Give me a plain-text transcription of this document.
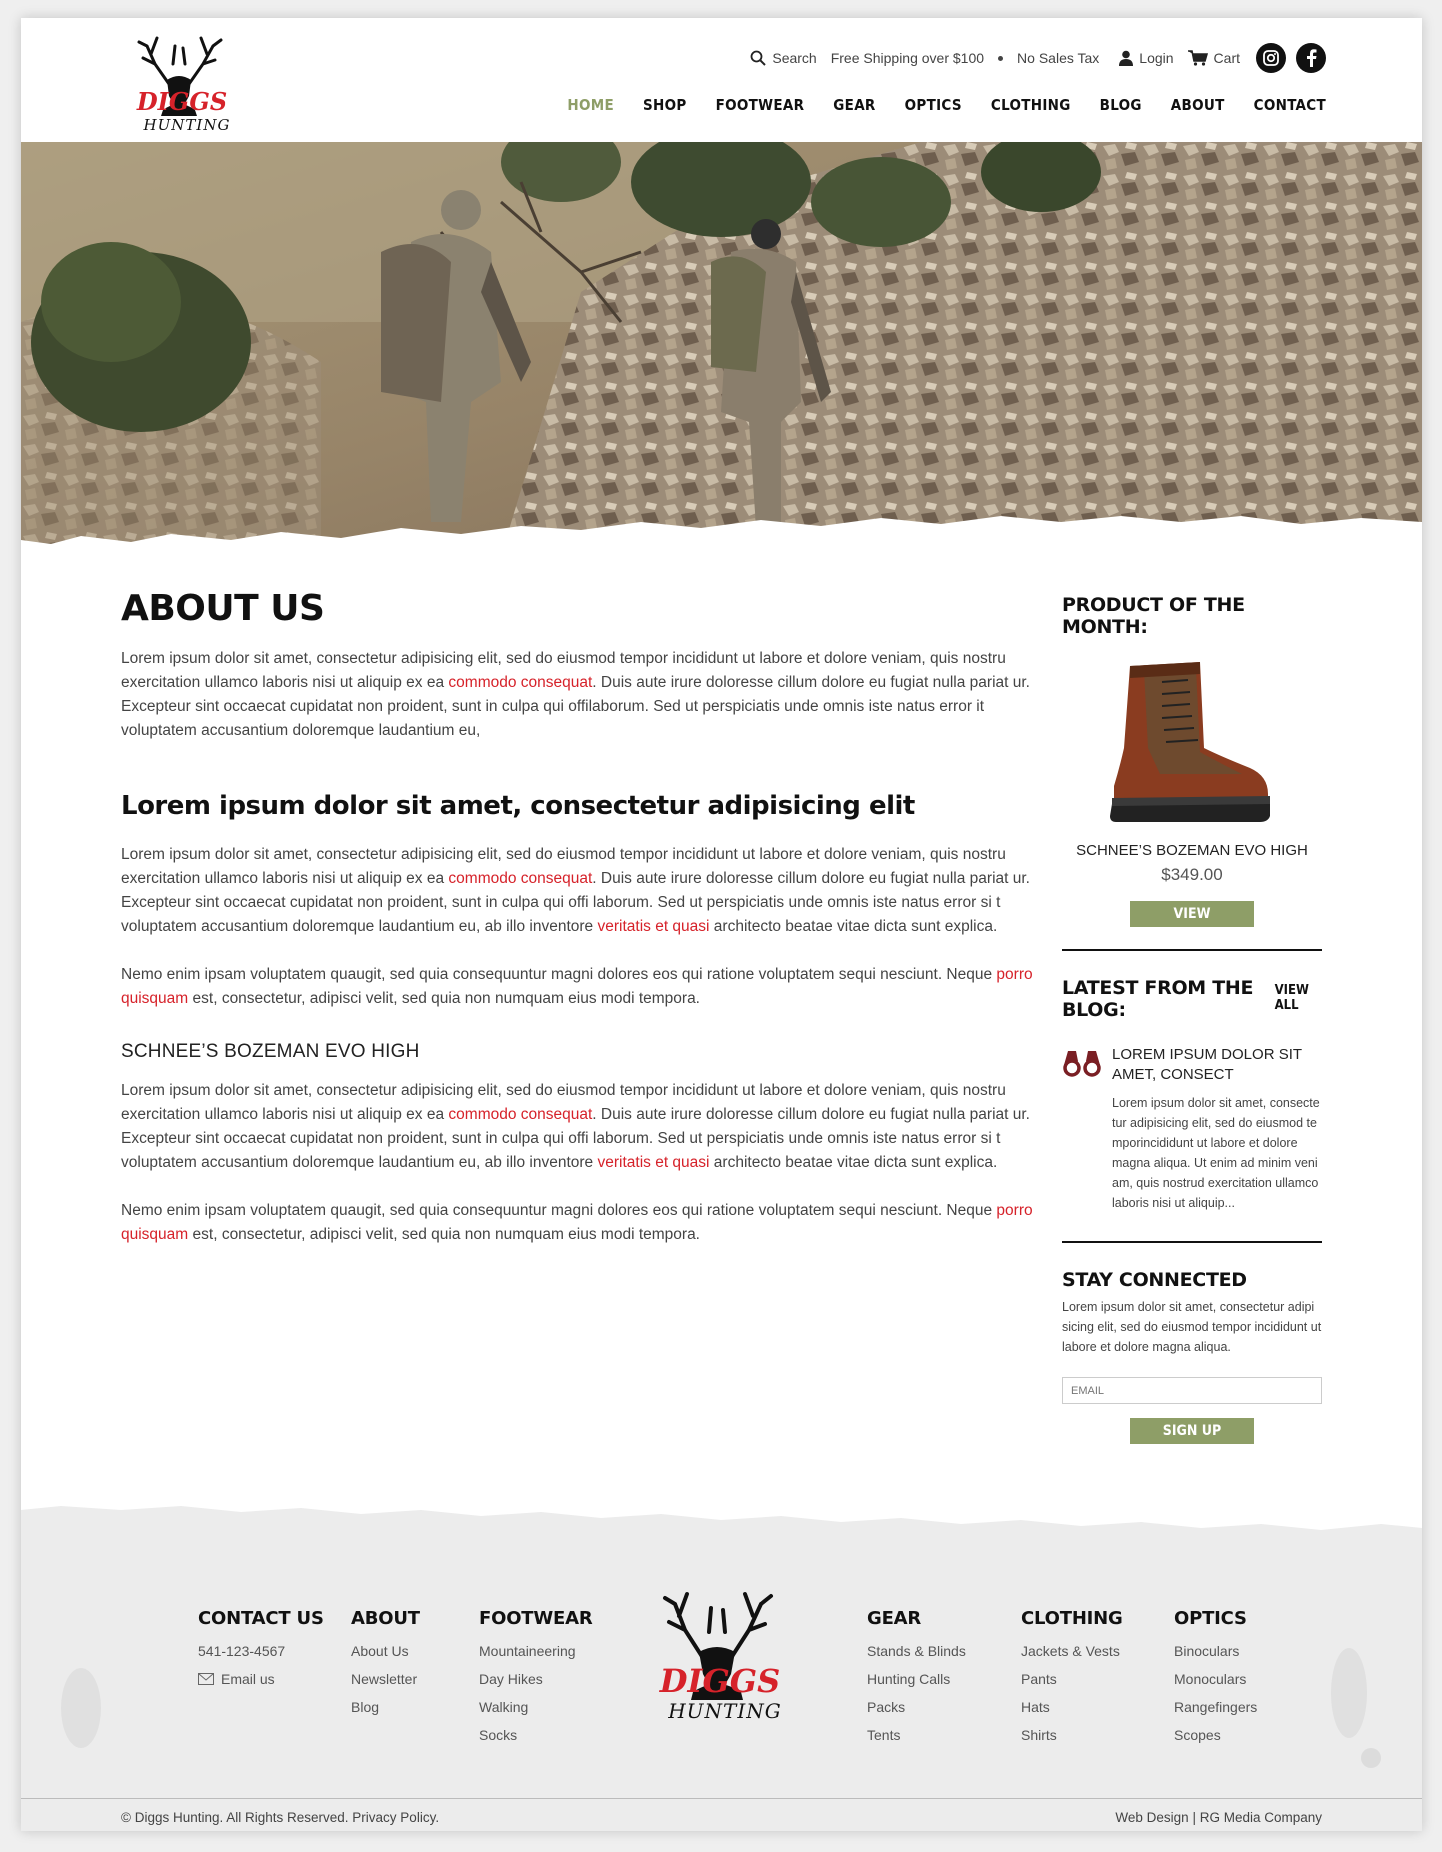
DIGGS
HUNTING
Search Free Shipping over $100 No Sales Tax	Login	Cart
HOME SHOP FOOTWEAR GEAR OPTICS CLOTHING BLOG ABOUT CONTACT
ABOUT US

Lorem ipsum dolor sit amet, consectetur adipisicing elit, sed do eiusmod tempor incididunt ut labore et dolore veniam, quis nostru exercitation ullamco laboris nisi ut aliquip ex ea commodo consequat. Duis aute irure doloresse cillum dolore eu fugiat nulla pariat ur. Excepteur sint occaecat cupidatat non proident, sunt in culpa qui offilaborum. Sed ut perspiciatis unde omnis iste natus error it voluptatem accusantium doloremque laudantium eu,

Lorem ipsum dolor sit amet, consectetur adipisicing elit

Lorem ipsum dolor sit amet, consectetur adipisicing elit, sed do eiusmod tempor incididunt ut labore et dolore veniam, quis nostru exercitation ullamco laboris nisi ut aliquip ex ea commodo consequat. Duis aute irure doloresse cillum dolore eu fugiat nulla pariat ur. Excepteur sint occaecat cupidatat non proident, sunt in culpa qui offi laborum. Sed ut perspiciatis unde omnis iste natus error si t voluptatem accusantium doloremque laudantium eu, ab illo inventore veritatis et quasi architecto beatae vitae dicta sunt explica.

Nemo enim ipsam voluptatem quaugit, sed quia consequuntur magni dolores eos qui ratione voluptatem sequi nesciunt. Neque porro quisquam est, consectetur, adipisci velit, sed quia non numquam eius modi tempora.

SCHNEE’S BOZEMAN EVO HIGH

Lorem ipsum dolor sit amet, consectetur adipisicing elit, sed do eiusmod tempor incididunt ut labore et dolore veniam, quis nostru exercitation ullamco laboris nisi ut aliquip ex ea commodo consequat. Duis aute irure doloresse cillum dolore eu fugiat nulla pariat ur. Excepteur sint occaecat cupidatat non proident, sunt in culpa qui offi laborum. Sed ut perspiciatis unde omnis iste natus error si t voluptatem accusantium doloremque laudantium eu, ab illo inventore veritatis et quasi architecto beatae vitae dicta sunt explica.

Nemo enim ipsam voluptatem quaugit, sed quia consequuntur magni dolores eos qui ratione voluptatem sequi nesciunt. Neque porro quisquam est, consectetur, adipisci velit, sed quia non numquam eius modi tempora.

PRODUCT OF THE MONTH:
SCHNEE’S BOZEMAN EVO HIGH
$349.00
VIEW
LATEST FROM THE BLOG:
VIEW ALL
LOREM IPSUM DOLOR SIT AMET, CONSECT
Lorem ipsum dolor sit amet, consecte tur adipisicing elit, sed do eiusmod te mporincididunt ut labore et dolore magna aliqua. Ut enim ad minim veni am, quis nostrud exercitation ullamco laboris nisi ut aliquip...
STAY CONNECTED
Lorem ipsum dolor sit amet, consectetur adipi sicing elit, sed do eiusmod tempor incididunt ut labore et dolore magna aliqua.
EMAIL
SIGN UP
CONTACT US
541-123-4567
Email us
ABOUT
About Us
Newsletter
Blog
FOOTWEAR
Mountaineering
Day Hikes
Walking
Socks
DIGGS
HUNTING
GEAR
Stands & Blinds
Hunting Calls
Packs
Tents
CLOTHING
Jackets & Vests
Pants
Hats
Shirts
OPTICS
Binoculars
Monoculars
Rangefingers
Scopes
© Diggs Hunting. All Rights Reserved. Privacy Policy.	Web Design | RG Media Company
